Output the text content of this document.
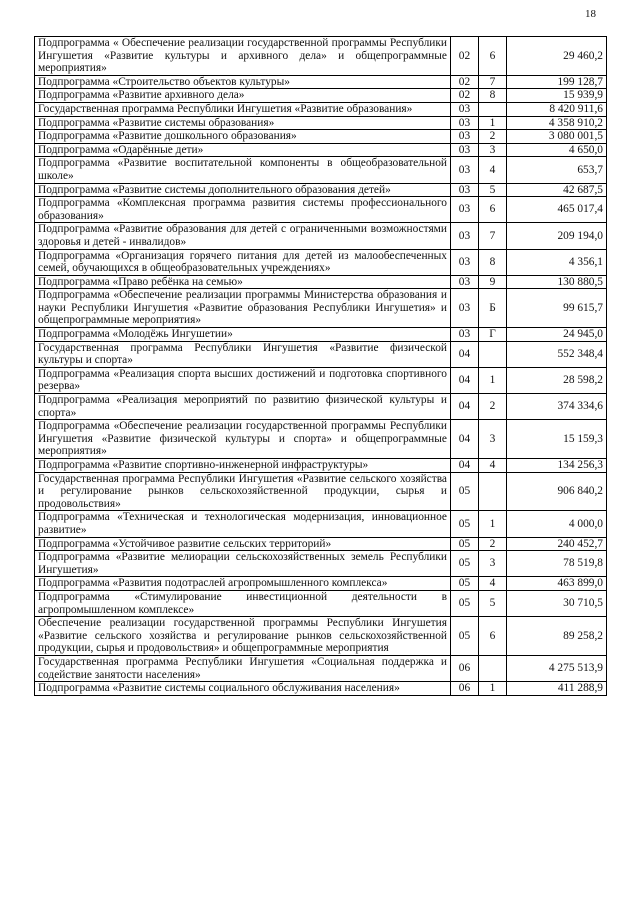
18
Подпрограмма « Обеспечение реализации государственной программы Республики Ингушетия «Развитие культуры и архивного дела» и общепрограммные мероприятия»	02	6	29 460,2
Подпрограмма «Строительство объектов культуры»	02	7	199 128,7
Подпрограмма «Развитие архивного дела»	02	8	15 939,9
Государственная программа Республики Ингушетия «Развитие образования»	03		8 420 911,6
Подпрограмма «Развитие системы образования»	03	1	4 358 910,2
Подпрограмма «Развитие дошкольного образования»	03	2	3 080 001,5
Подпрограмма «Одарённые дети»	03	3	4 650,0
Подпрограмма «Развитие воспитательной компоненты в общеобразовательной школе»	03	4	653,7
Подпрограмма «Развитие системы дополнительного образования детей»	03	5	42 687,5
Подпрограмма «Комплексная программа развития системы профессионального образования»	03	6	465 017,4
Подпрограмма «Развитие образования для детей с ограниченными возможностями здоровья и детей - инвалидов»	03	7	209 194,0
Подпрограмма «Организация горячего питания для детей из малообеспеченных семей, обучающихся в общеобразовательных учреждениях»	03	8	4 356,1
Подпрограмма «Право ребёнка на семью»	03	9	130 880,5
Подпрограмма «Обеспечение реализации программы Министерства образования и науки Республики Ингушетия «Развитие образования Республики Ингушетия» и общепрограммные мероприятия»	03	Б	99 615,7
Подпрограмма «Молодёжь Ингушетии»	03	Г	24 945,0
Государственная программа Республики Ингушетия «Развитие физической культуры и спорта»	04		552 348,4
Подпрограмма «Реализация спорта высших достижений и подготовка спортивного резерва»	04	1	28 598,2
Подпрограмма «Реализация мероприятий по развитию физической культуры и спорта»	04	2	374 334,6
Подпрограмма «Обеспечение реализации государственной программы Республики Ингушетия «Развитие физической культуры и спорта» и общепрограммные мероприятия»	04	3	15 159,3
Подпрограмма «Развитие спортивно-инженерной инфраструктуры»	04	4	134 256,3
Государственная программа Республики Ингушетия «Развитие сельского хозяйства и регулирование рынков сельскохозяйственной продукции, сырья и продовольствия»	05		906 840,2
Подпрограмма «Техническая и технологическая модернизация, инновационное развитие»	05	1	4 000,0
Подпрограмма «Устойчивое развитие сельских территорий»	05	2	240 452,7
Подпрограмма «Развитие мелиорации сельскохозяйственных земель Республики Ингушетия»	05	3	78 519,8
Подпрограмма «Развития подотраслей агропромышленного комплекса»	05	4	463 899,0
Подпрограмма «Стимулирование инвестиционной деятельности в агропромышленном комплексе»	05	5	30 710,5
Обеспечение реализации государственной программы Республики Ингушетия «Развитие сельского хозяйства и регулирование рынков сельскохозяйственной продукции, сырья и продовольствия» и общепрограммные мероприятия	05	6	89 258,2
Государственная программа Республики Ингушетия «Социальная поддержка и содействие занятости населения»	06		4 275 513,9
Подпрограмма «Развитие системы социального обслуживания населения»	06	1	411 288,9
